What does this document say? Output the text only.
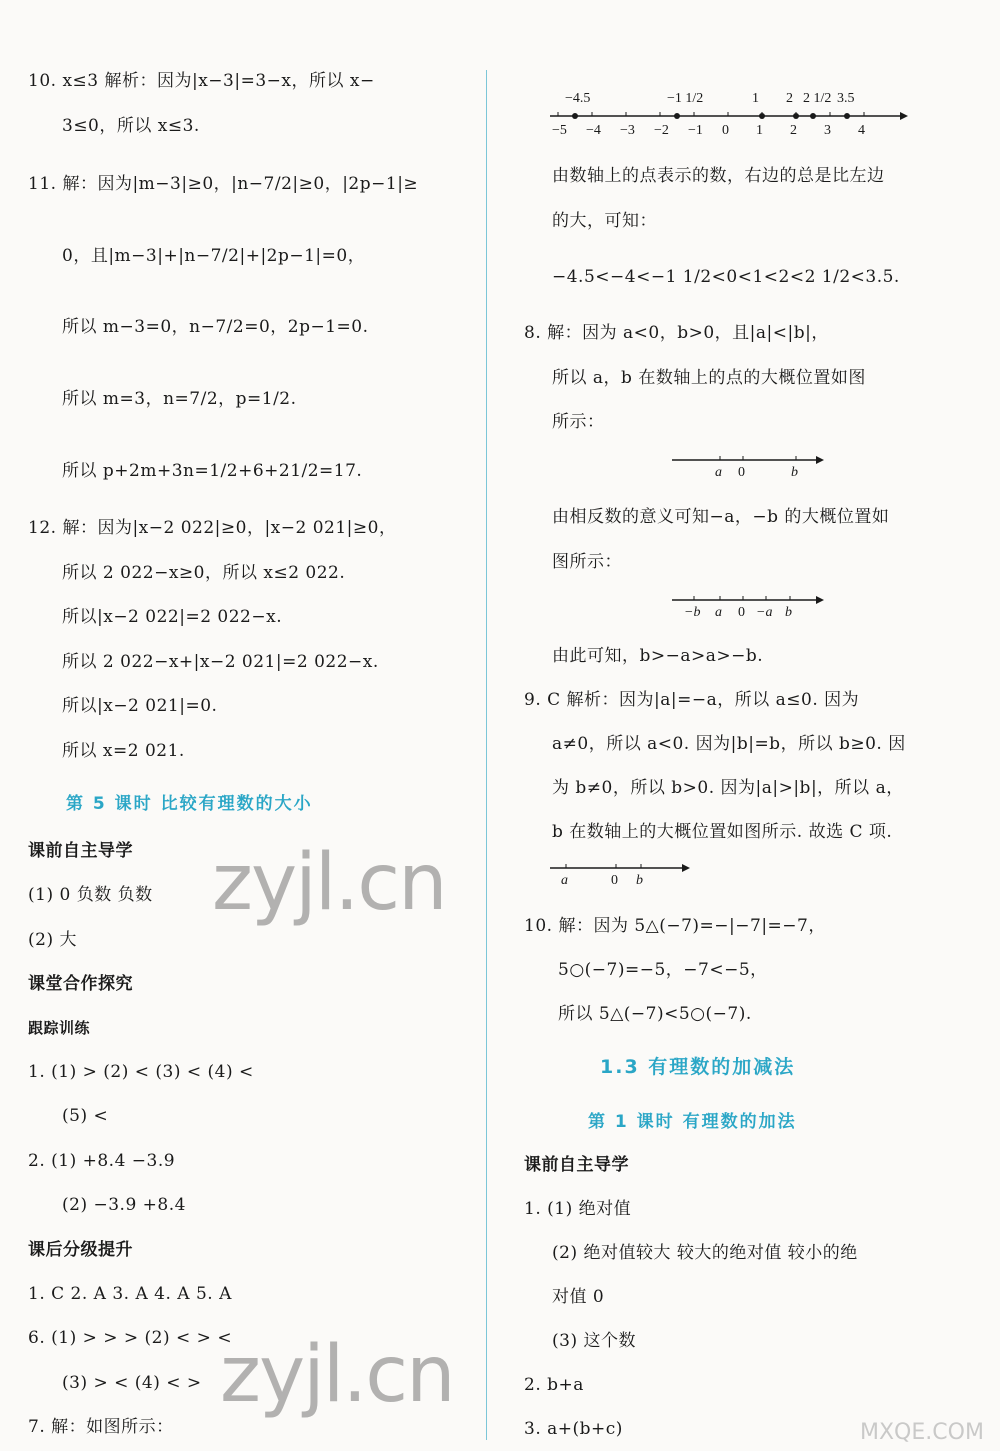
10. x≤3 解析：因为|x−3|=3−x，所以 x−
3≤0，所以 x≤3.
11. 解：因为|m−3|≥0，|n−7/2|≥0，|2p−1|≥
0，且|m−3|+|n−7/2|+|2p−1|=0，
所以 m−3=0，n−7/2=0，2p−1=0.
所以 m=3，n=7/2，p=1/2.
所以 p+2m+3n=1/2+6+21/2=17.
12. 解：因为|x−2 022|≥0，|x−2 021|≥0，
所以 2 022−x≥0，所以 x≤2 022.
所以|x−2 022|=2 022−x.
所以 2 022−x+|x−2 021|=2 022−x.
所以|x−2 021|=0.
所以 x=2 021.
第 5 课时 比较有理数的大小
课前自主导学
(1) 0 负数 负数
(2) 大
课堂合作探究
跟踪训练
1. (1) > (2) < (3) < (4) <
(5) <
2. (1) +8.4 −3.9
(2) −3.9 +8.4
课后分级提升
1. C 2. A 3. A 4. A 5. A
6. (1) > > > (2) < > <
(3) > < (4) < >
7. 解：如图所示：
−5 −4 −3 −2 −1 0 1 2 3 4
−4.5	−1 1/2	1 2 2 1/2 3.5
由数轴上的点表示的数，右边的总是比左边
的大，可知：
−4.5<−4<−1 1/2<0<1<2<2 1/2<3.5.
8. 解：因为 a<0，b>0，且|a|<|b|，
所以 a，b 在数轴上的点的大概位置如图
所示：
a 0	b
由相反数的意义可知−a，−b 的大概位置如
图所示：
−b a 0 −a b
由此可知，b>−a>a>−b.
9. C 解析：因为|a|=−a，所以 a≤0. 因为
a≠0，所以 a<0. 因为|b|=b，所以 b≥0. 因
为 b≠0，所以 b>0. 因为|a|>|b|，所以 a，
b 在数轴上的大概位置如图所示. 故选 C 项.
a	0 b
10. 解：因为 5△(−7)=−|−7|=−7，
5○(−7)=−5，−7<−5，
所以 5△(−7)<5○(−7).
1.3 有理数的加减法
第 1 课时 有理数的加法
课前自主导学
1. (1) 绝对值
(2) 绝对值较大 较大的绝对值 较小的绝
对值 0
(3) 这个数
2. b+a
3. a+(b+c)
zyjl.cn
zyjl.cn
MXQE.COM
